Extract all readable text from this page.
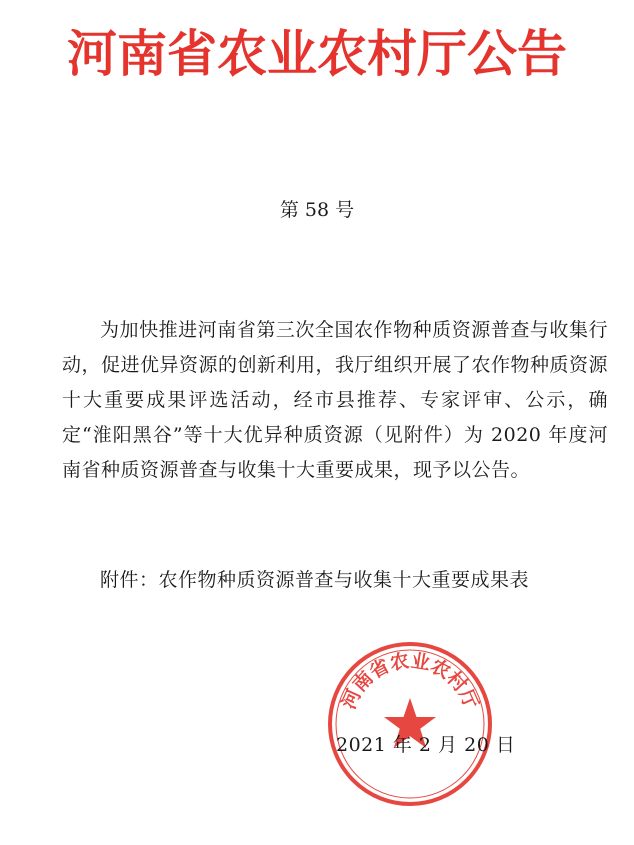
河南省农业农村厅公告
第 58 号
为加快推进河南省第三次全国农作物种质资源普查与收集行动，促进优异资源的创新利用，我厅组织开展了农作物种质资源十大重要成果评选活动，经市县推荐、专家评审、公示，确定“淮阳黑谷”等十大优异种质资源（见附件）为 2020 年度河南省种质资源普查与收集十大重要成果，现予以公告。
附件：农作物种质资源普查与收集十大重要成果表
河南省农业农村厅
2021 年 2 月 20 日
